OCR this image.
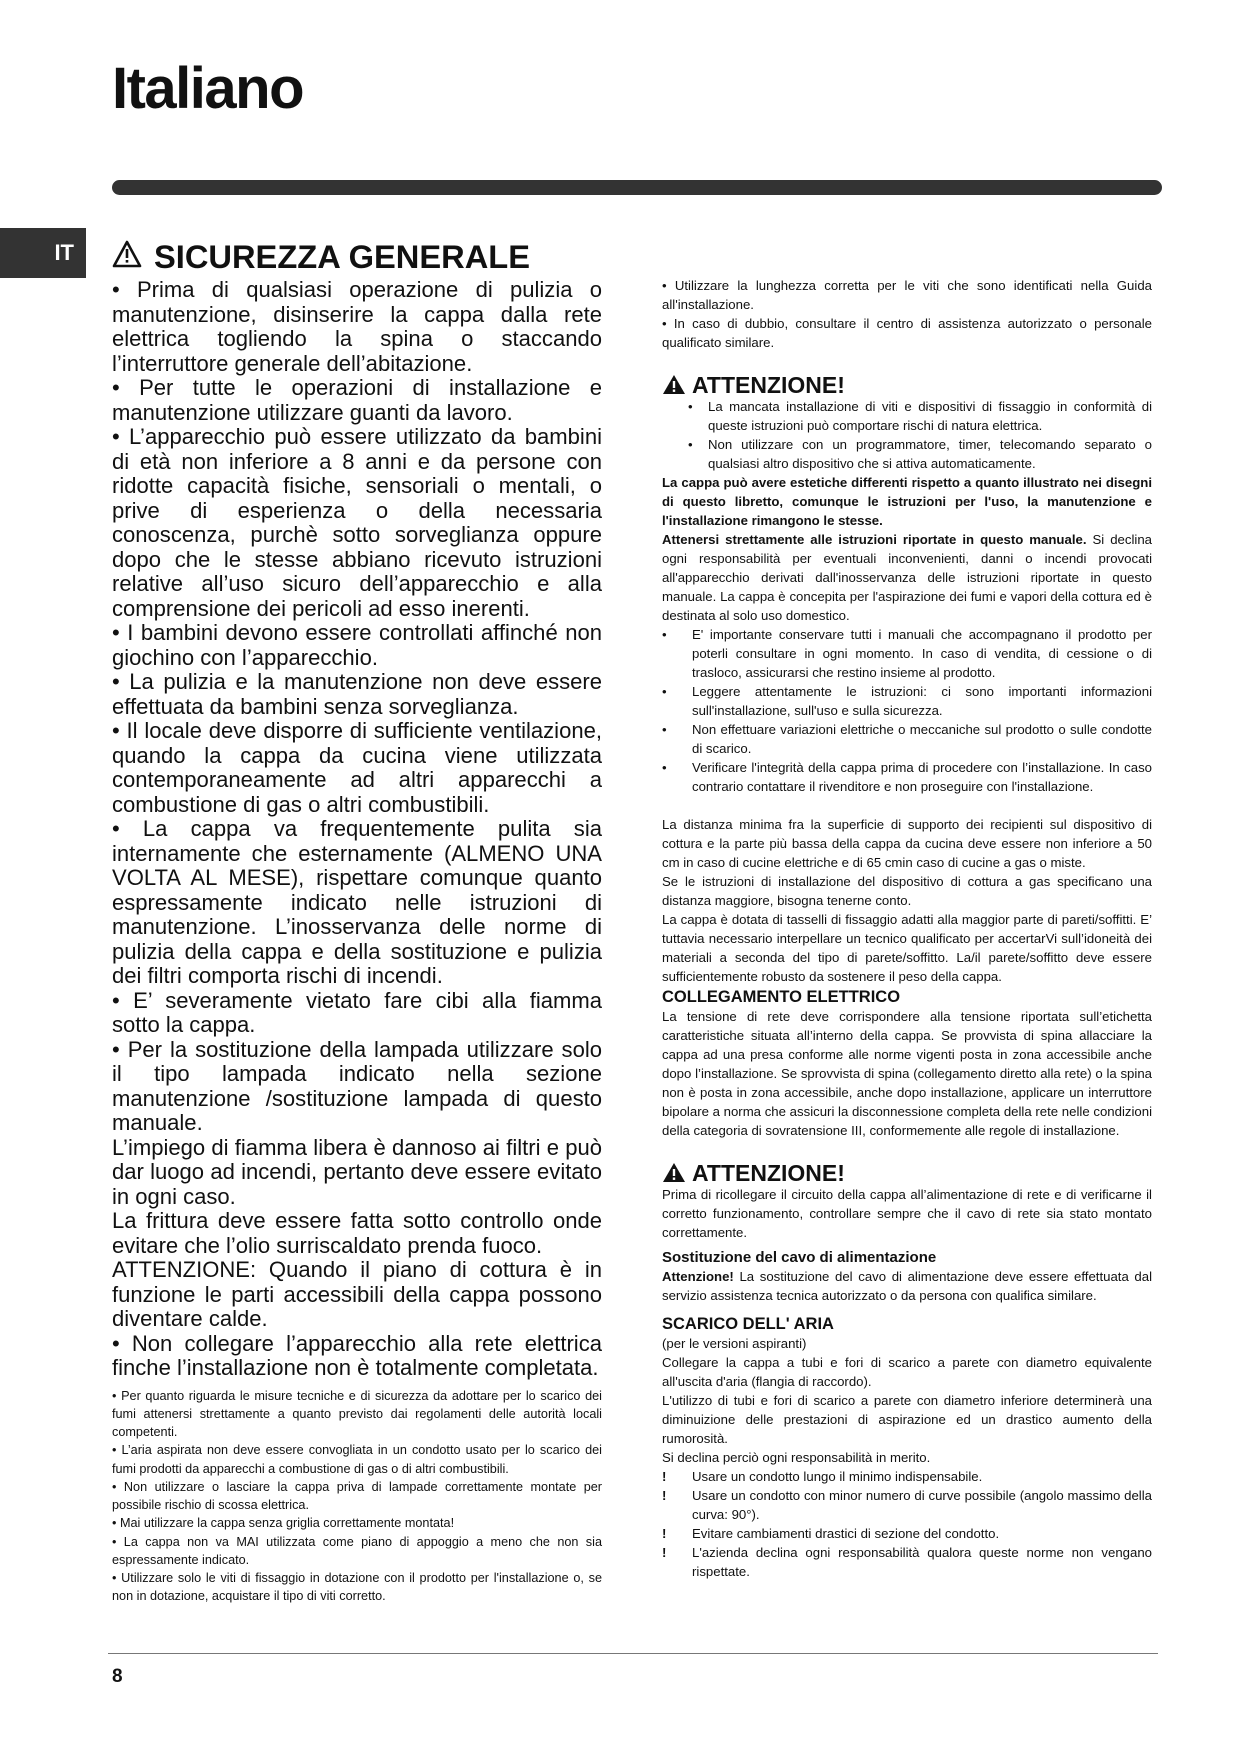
Italiano
IT	SICUREZZA GENERALE

• Prima di qualsiasi operazione di pulizia o manutenzione, disinserire la cappa dalla rete elettrica togliendo la spina o staccando l’interruttore generale dell’abitazione.

• Per tutte le operazioni di installazione e manutenzione utilizzare guanti da lavoro.

• L’apparecchio può essere utilizzato da bambini di età non inferiore a 8 anni e da persone con ridotte capacità fisiche, sensoriali o mentali, o prive di esperienza o della necessaria conoscenza, purchè sotto sorveglianza oppure dopo che le stesse abbiano ricevuto istruzioni relative all’uso sicuro dell’apparecchio e alla comprensione dei pericoli ad esso inerenti.

• I bambini devono essere controllati affinché non giochino con l’apparecchio.

• La pulizia e la manutenzione non deve essere effettuata da bambini senza sorveglianza.

• Il locale deve disporre di sufficiente ventilazione, quando la cappa da cucina viene utilizzata contemporaneamente ad altri apparecchi a combustione di gas o altri combustibili.

• La cappa va frequentemente pulita sia internamente che esternamente (ALMENO UNA VOLTA AL MESE), rispettare comunque quanto espressamente indicato nelle istruzioni di manutenzione. L’inosservanza delle norme di pulizia della cappa e della sostituzione e pulizia dei filtri comporta rischi di incendi.

• E’ severamente vietato fare cibi alla fiamma sotto la cappa.

• Per la sostituzione della lampada utilizzare solo il tipo lampada indicato nella sezione manutenzione /sostituzione lampada di questo manuale.

L’impiego di fiamma libera è dannoso ai filtri e può dar luogo ad incendi, pertanto deve essere evitato in ogni caso.

La frittura deve essere fatta sotto controllo onde evitare che l’olio surriscaldato prenda fuoco.

ATTENZIONE: Quando il piano di cottura è in funzione le parti accessibili della cappa possono diventare calde.

• Non collegare l’apparecchio alla rete elettrica finche l’installazione non è totalmente completata.

• Per quanto riguarda le misure tecniche e di sicurezza da adottare per lo scarico dei fumi attenersi strettamente a quanto previsto dai regolamenti delle autorità locali competenti.

• L’aria aspirata non deve essere convogliata in un condotto usato per lo scarico dei fumi prodotti da apparecchi a combustione di gas o di altri combustibili.

• Non utilizzare o lasciare la cappa priva di lampade correttamente montate per possibile rischio di scossa elettrica.

• Mai utilizzare la cappa senza griglia correttamente montata!

• La cappa non va MAI utilizzata come piano di appoggio a meno che non sia espressamente indicato.

• Utilizzare solo le viti di fissaggio in dotazione con il prodotto per l'installazione o, se non in dotazione, acquistare il tipo di viti corretto.

• Utilizzare la lunghezza corretta per le viti che sono identificati nella Guida all'installazione.

• In caso di dubbio, consultare il centro di assistenza autorizzato o personale qualificato similare.

ATTENZIONE!
• La mancata installazione di viti e dispositivi di fissaggio in conformità di queste istruzioni può comportare rischi di natura elettrica.
• Non utilizzare con un programmatore, timer, telecomando separato o qualsiasi altro dispositivo che si attiva automaticamente.

La cappa può avere estetiche differenti rispetto a quanto illustrato nei disegni di questo libretto, comunque le istruzioni per l'uso, la manutenzione e l'installazione rimangono le stesse.

Attenersi strettamente alle istruzioni riportate in questo manuale. Si declina ogni responsabilità per eventuali inconvenienti, danni o incendi provocati all'apparecchio derivati dall'inosservanza delle istruzioni riportate in questo manuale. La cappa è concepita per l'aspirazione dei fumi e vapori della cottura ed è destinata al solo uso domestico.

• E' importante conservare tutti i manuali che accompagnano il prodotto per poterli consultare in ogni momento. In caso di vendita, di cessione o di trasloco, assicurarsi che restino insieme al prodotto.
• Leggere attentamente le istruzioni: ci sono importanti informazioni sull'installazione, sull'uso e sulla sicurezza.
• Non effettuare variazioni elettriche o meccaniche sul prodotto o sulle condotte di scarico.
• Verificare l'integrità della cappa prima di procedere con l’installazione. In caso contrario contattare il rivenditore e non proseguire con l'installazione.

La distanza minima fra la superficie di supporto dei recipienti sul dispositivo di cottura e la parte più bassa della cappa da cucina deve essere non inferiore a 50 cm in caso di cucine elettriche e di 65 cmin caso di cucine a gas o miste.

Se le istruzioni di installazione del dispositivo di cottura a gas specificano una distanza maggiore, bisogna tenerne conto.

La cappa è dotata di tasselli di fissaggio adatti alla maggior parte di pareti/soffitti. E’ tuttavia necessario interpellare un tecnico qualificato per accertarVi sull’idoneità dei materiali a seconda del tipo di parete/soffitto. La/il parete/soffitto deve essere sufficientemente robusto da sostenere il peso della cappa.

COLLEGAMENTO ELETTRICO

La tensione di rete deve corrispondere alla tensione riportata sull’etichetta caratteristiche situata all’interno della cappa. Se provvista di spina allacciare la cappa ad una presa conforme alle norme vigenti posta in zona accessibile anche dopo l’installazione. Se sprovvista di spina (collegamento diretto alla rete) o la spina non è posta in zona accessibile, anche dopo installazione, applicare un interruttore bipolare a norma che assicuri la disconnessione completa della rete nelle condizioni della categoria di sovratensione III, conformemente alle regole di installazione.

ATTENZIONE!

Prima di ricollegare il circuito della cappa all’alimentazione di rete e di verificarne il corretto funzionamento, controllare sempre che il cavo di rete sia stato montato correttamente.

Sostituzione del cavo di alimentazione

Attenzione! La sostituzione del cavo di alimentazione deve essere effettuata dal servizio assistenza tecnica autorizzato o da persona con qualifica similare.

SCARICO DELL' ARIA

(per le versioni aspiranti)

Collegare la cappa a tubi e fori di scarico a parete con diametro equivalente all'uscita d'aria (flangia di raccordo).

L'utilizzo di tubi e fori di scarico a parete con diametro inferiore determinerà una diminuizione delle prestazioni di aspirazione ed un drastico aumento della rumorosità.

Si declina perciò ogni responsabilità in merito.

! Usare un condotto lungo il minimo indispensabile.
! Usare un condotto con minor numero di curve possibile (angolo massimo della curva: 90°).
! Evitare cambiamenti drastici di sezione del condotto.
! L'azienda declina ogni responsabilità qualora queste norme non vengano rispettate.
8
